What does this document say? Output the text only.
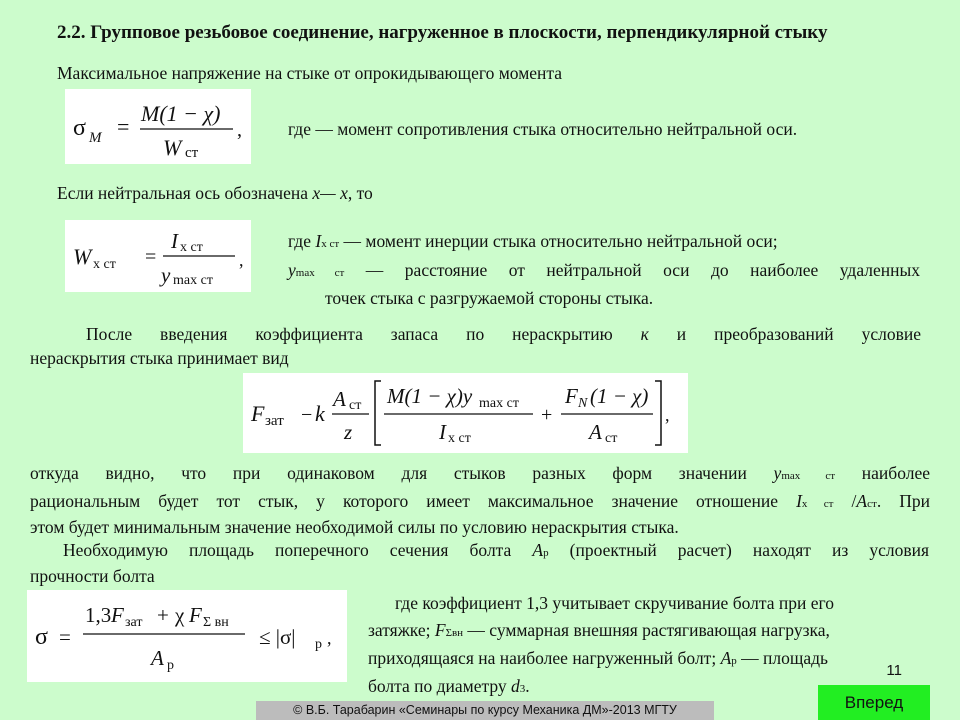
2.2. Групповое резьбовое соединение, нагруженное в плоскости, перпендикулярной стыку
Максимальное напряжение на стыке от опрокидывающего момента
σ M =
M(1 − χ)
W ст
,	где — момент сопротивления стыка относительно нейтральной оси.
Если нейтральная ось обозначена x— x, то
W x ст =
I x ст
y max ст
,
где Ix ст — момент инерции стыка относительно нейтральной оси;
ymax ст — расстояние от нейтральной оси до наиболее удаленных
точек стыка с разгружаемой стороны стыка.
После введения коэффициента запаса по нераскрытию к и преобразований условие
нераскрытия стыка принимает вид
F зат − k
A ст
z
M(1 − χ)y max ст
I x ст
+
F N (1 − χ)
A ст
,
откуда видно, что при одинаковом для стыков разных форм значении ymax ст наиболее
рациональным будет тот стык, у которого имеет максимальное значение отношение Ix ст /Aст. При
этом будет минимальным значение необходимой силы по условию нераскрытия стыка.
Необходимую площадь поперечного сечения болта Aр (проектный расчет) находят из условия
прочности болта
σ =
1,3 F зат + χ F Σ вн
A р
≤ |σ| р ,
где коэффициент 1,3 учитывает скручивание болта при его
затяжке; FΣвн — суммарная внешняя растягивающая нагрузка,
приходящаяся на наиболее нагруженный болт; Aр — площадь
болта по диаметру d3.
11
© В.Б. Тарабарин «Семинары по курсу Механика ДМ»-2013 МГТУ	Вперед
